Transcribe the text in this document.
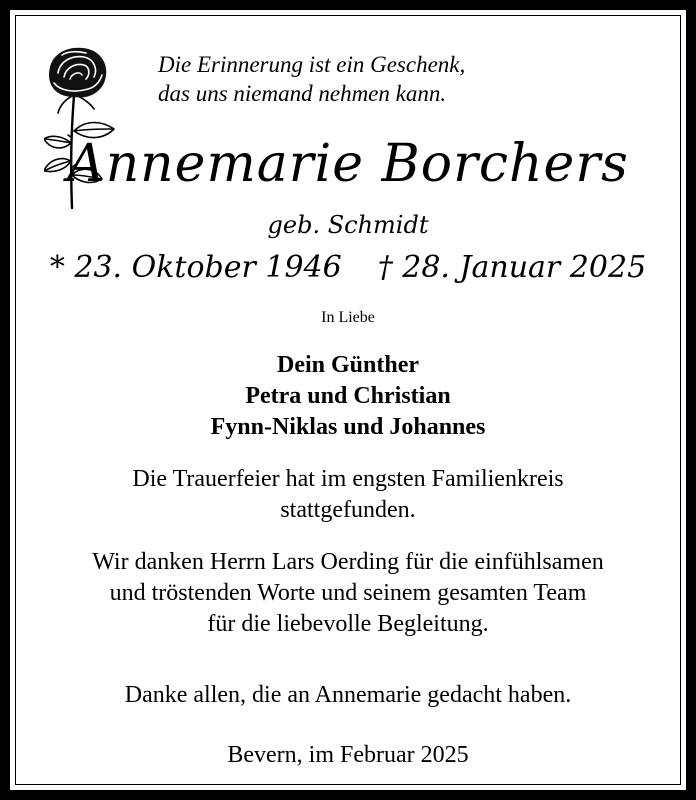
Die Erinnerung ist ein Geschenk,
das uns niemand nehmen kann.
Annemarie Borchers
geb. Schmidt
* 23. Oktober 1946 † 28. Januar 2025
In Liebe
Dein Günther
Petra und Christian
Fynn-Niklas und Johannes
Die Trauerfeier hat im engsten Familienkreis
stattgefunden.
Wir danken Herrn Lars Oerding für die einfühlsamen
und tröstenden Worte und seinem gesamten Team
für die liebevolle Begleitung.
Danke allen, die an Annemarie gedacht haben.
Bevern, im Februar 2025
